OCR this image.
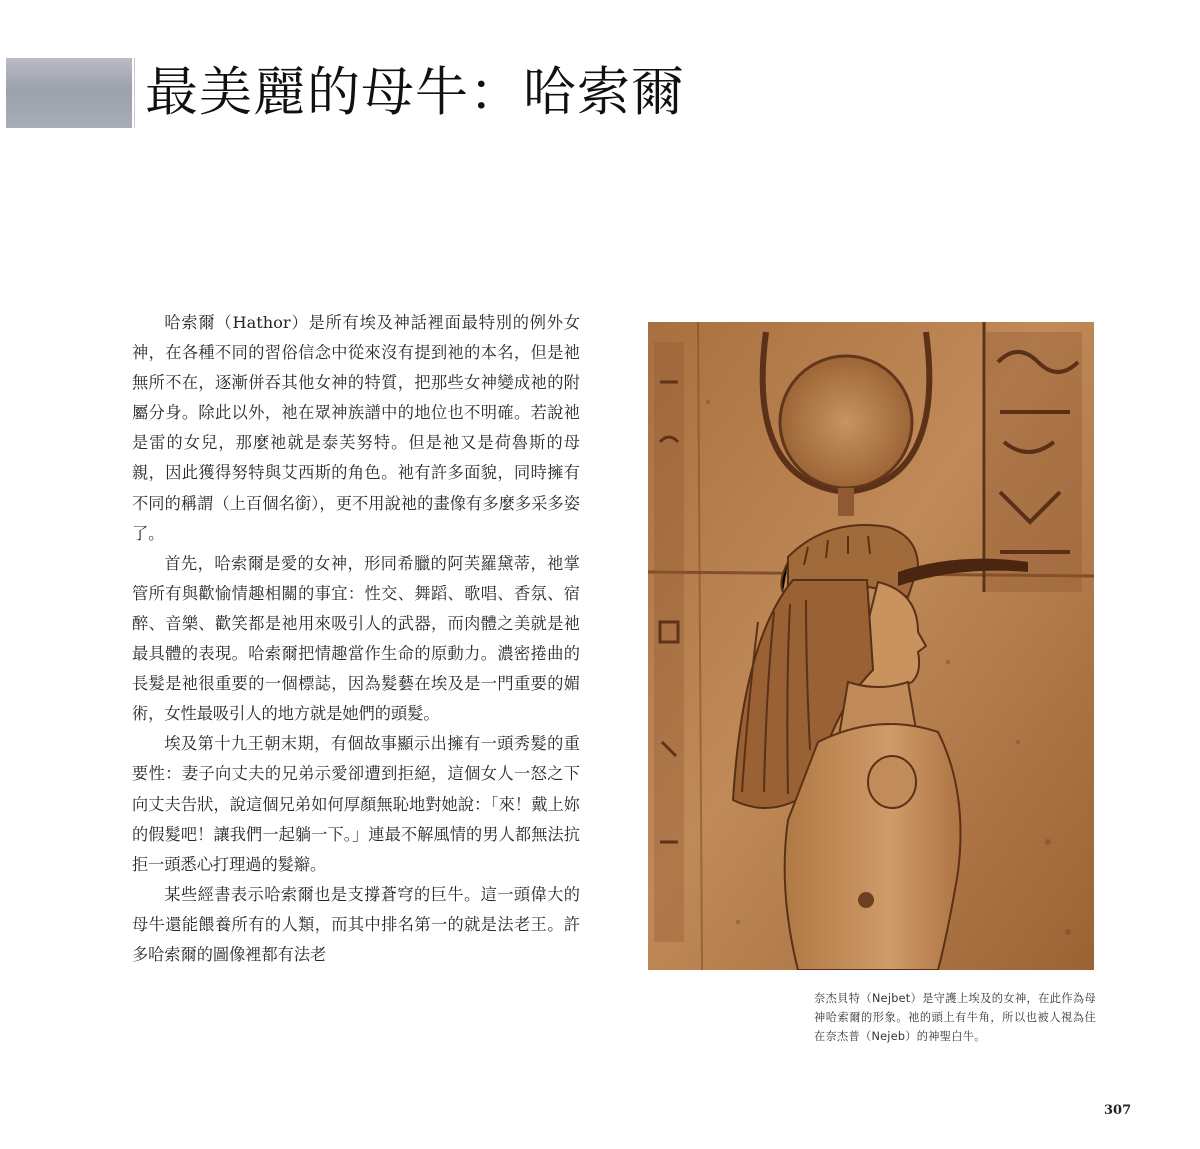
最美麗的母牛：哈索爾

哈索爾（Hathor）是所有埃及神話裡面最特別的例外女神，在各種不同的習俗信念中從來沒有提到祂的本名，但是祂無所不在，逐漸併吞其他女神的特質，把那些女神變成祂的附屬分身。除此以外，祂在眾神族譜中的地位也不明確。若說祂是雷的女兒，那麼祂就是泰芙努特。但是祂又是荷魯斯的母親，因此獲得努特與艾西斯的角色。祂有許多面貌，同時擁有不同的稱謂（上百個名銜），更不用說祂的畫像有多麼多采多姿了。

首先，哈索爾是愛的女神，形同希臘的阿芙羅黛蒂，祂掌管所有與歡愉情趣相關的事宜：性交、舞蹈、歌唱、香氛、宿醉、音樂、歡笑都是祂用來吸引人的武器，而肉體之美就是祂最具體的表現。哈索爾把情趣當作生命的原動力。濃密捲曲的長髮是祂很重要的一個標誌，因為髮藝在埃及是一門重要的媚術，女性最吸引人的地方就是她們的頭髮。

埃及第十九王朝末期，有個故事顯示出擁有一頭秀髮的重要性：妻子向丈夫的兄弟示愛卻遭到拒絕，這個女人一怒之下向丈夫告狀，說這個兄弟如何厚顏無恥地對她說：「來！戴上妳的假髮吧！讓我們一起躺一下。」連最不解風情的男人都無法抗拒一頭悉心打理過的髮辮。

某些經書表示哈索爾也是支撐蒼穹的巨牛。這一頭偉大的母牛還能餵養所有的人類，而其中排名第一的就是法老王。許多哈索爾的圖像裡都有法老

奈杰貝特（Nejbet）是守護上埃及的女神，在此作為母神哈索爾的形象。祂的頭上有牛角，所以也被人視為住在奈杰普（Nejeb）的神聖白牛。
307
